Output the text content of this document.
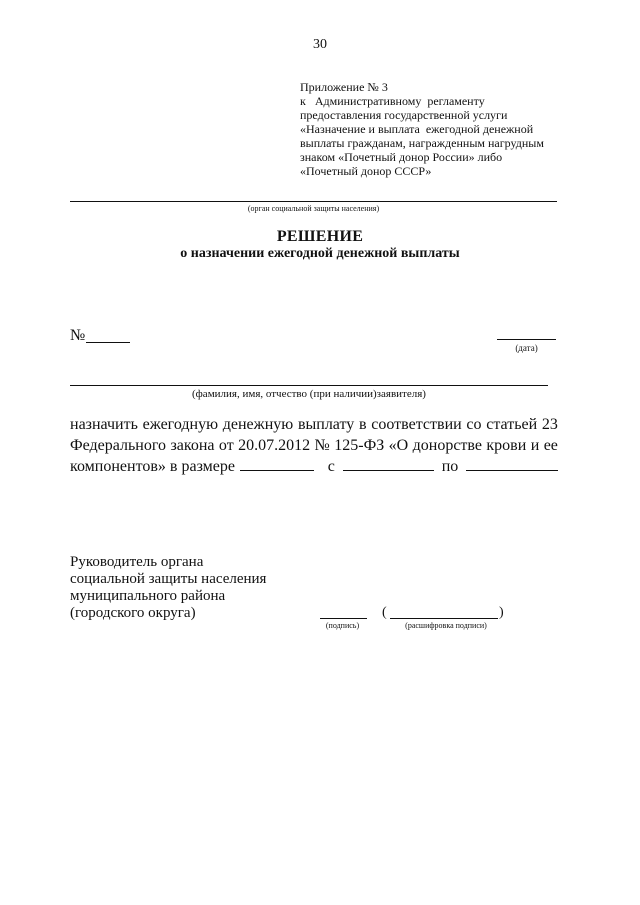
30
Приложение № 3
к   Административному  регламенту
предоставления государственной услуги
«Назначение и выплата  ежегодной денежной
выплаты гражданам, награжденным нагрудным
знаком «Почетный донор России» либо
«Почетный донор СССР»
(орган социальной защиты населения)
РЕШЕНИЕ
о назначении ежегодной денежной выплаты
№
(дата)
(фамилия, имя, отчество (при наличии)заявителя)
назначить ежегодную денежную выплату в соответствии со статьей 23
Федерального закона от 20.07.2012 № 125-ФЗ «О донорстве крови и ее
компонентов» в размере	с	по
Руководитель органа
социальной защиты населения
муниципального района
(городского округа)
(подпись)
(	)
(расшифровка подписи)
